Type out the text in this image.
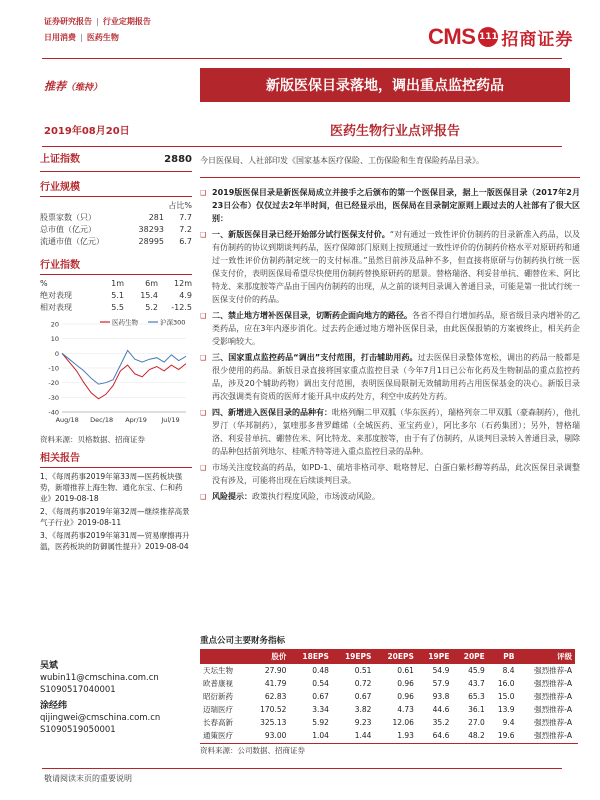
证券研究报告 | 行业定期报告
日用消费 | 医药生物	CMS 111 招商证券
推荐（维持）	新版医保目录落地，调出重点监控药品
2019年08月20日	医药生物行业点评报告
上证指数	2880
行业规模
占比%
股票家数（只）	281	7.7
总市值（亿元）	38293	7.2
流通市值（亿元）	28995	6.7
行业指数
%	1m	6m	12m
绝对表现	5.1	15.4	4.9
相对表现	5.5	5.2	-12.5
20
10
0
-10
-20
-30
-40
Aug/18 Dec/18 Apr/19 Jul/19
医药生物	沪深300
资料来源：贝格数据、招商证券
相关报告
1、《每周药事2019年第33周—医药板块强势，新增推荐上海生物、通化东宝、仁和药业》2019-08-18
2、《每周药事2019年第32周—继续推荐高景气子行业》2019-08-11
3、《每周药事2019年第31周—贸易摩擦再升温，医药板块的防御属性提升》2019-08-04
吴斌
wubin11@cmschina.com.cn
S1090517040001
涂经纬
qijingwei@cmschina.com.cn
S1090519050001
今日医保局、人社部印发《国家基本医疗保险、工伤保险和生育保险药品目录》。
❑ 2019版医保目录是新医保局成立并接手之后颁布的第一个医保目录，据上一版医保目录（2017年2月23日公布）仅仅过去2年半时间，但已经显示出，医保局在目录制定原则上跟过去的人社部有了很大区别：
❑ 一、新版医保目录已经开始部分试行医保支付价。“对有通过一致性评价仿制药的目录新准入药品，以及有仿制药的协议到期谈判药品，医疗保障部门原则上按照通过一致性评价的仿制药价格水平对原研药和通过一致性评价仿制药制定统一的支付标准。”虽然目前涉及品种不多，但直接将原研与仿制药执行统一医保支付价，表明医保局希望尽快使用仿制药替换原研药的愿景。替格瑞洛、利妥昔单抗、硼替佐米、阿比特龙、来那度胺等产品由于国内仿制药的出现，从之前的谈判目录调入普通目录，可能是第一批试行统一医保支付价的药品。
❑ 二、禁止地方增补医保目录，切断药企面向地方的路径。各省不得自行增加药品，原省级目录内增补的乙类药品，应在3年内逐步消化。过去药企通过地方增补医保目录，由此医保报销的方案被终止，相关药企受影响较大。
❑ 三、国家重点监控药品“调出”支付范围，打击辅助用药。过去医保目录整体宽松，调出的药品一般都是很少使用的药品。新版目录直接将国家重点监控目录（今年7月1日已公布化药及生物制品的重点监控药品，涉及20个辅助药物）调出支付范围，表明医保局限制无效辅助用药占用医保基金的决心。新版目录再次强调类有资质的医师才能开具中成药处方，利空中成药处方药。
❑ 四、新增进入医保目录的品种有：吡格列酮二甲双胍（华东医药），瑞格列奈二甲双胍（豪森制药），他扎罗汀（华邦制药），氯喹那多普罗雌烯（全城医药、亚宝药业），阿比多尔（石药集团）；另外，替格瑞洛、利妥昔单抗、硼替佐米、阿比特龙、来那度胺等，由于有了仿制药，从谈判目录转入普通目录，剔除的品种包括前列地尔、桂哌齐特等进入重点监控目录的品种。
❑ 市场关注度较高的药品，如PD-1、硫培非格司亭、吡咯替尼、白蛋白紫杉醇等药品，此次医保目录调整没有涉及，可能将出现在后续谈判目录。
❑ 风险提示：政策执行程度风险，市场波动风险。
重点公司主要财务指标
	股价	18EPS	19EPS	20EPS	19PE	20PE	PB	评级
天坛生物	27.90	0.48	0.51	0.61	54.9	45.9	8.4	强烈推荐-A
欧普康视	41.79	0.54	0.72	0.96	57.9	43.7	16.0	强烈推荐-A
昭衍新药	62.83	0.67	0.67	0.96	93.8	65.3	15.0	强烈推荐-A
迈瑞医疗	170.52	3.34	3.82	4.73	44.6	36.1	13.9	强烈推荐-A
长春高新	325.13	5.92	9.23	12.06	35.2	27.0	9.4	强烈推荐-A
通策医疗	93.00	1.04	1.44	1.93	64.6	48.2	19.6	强烈推荐-A
资料来源：公司数据、招商证券
敬请阅读末页的重要说明
